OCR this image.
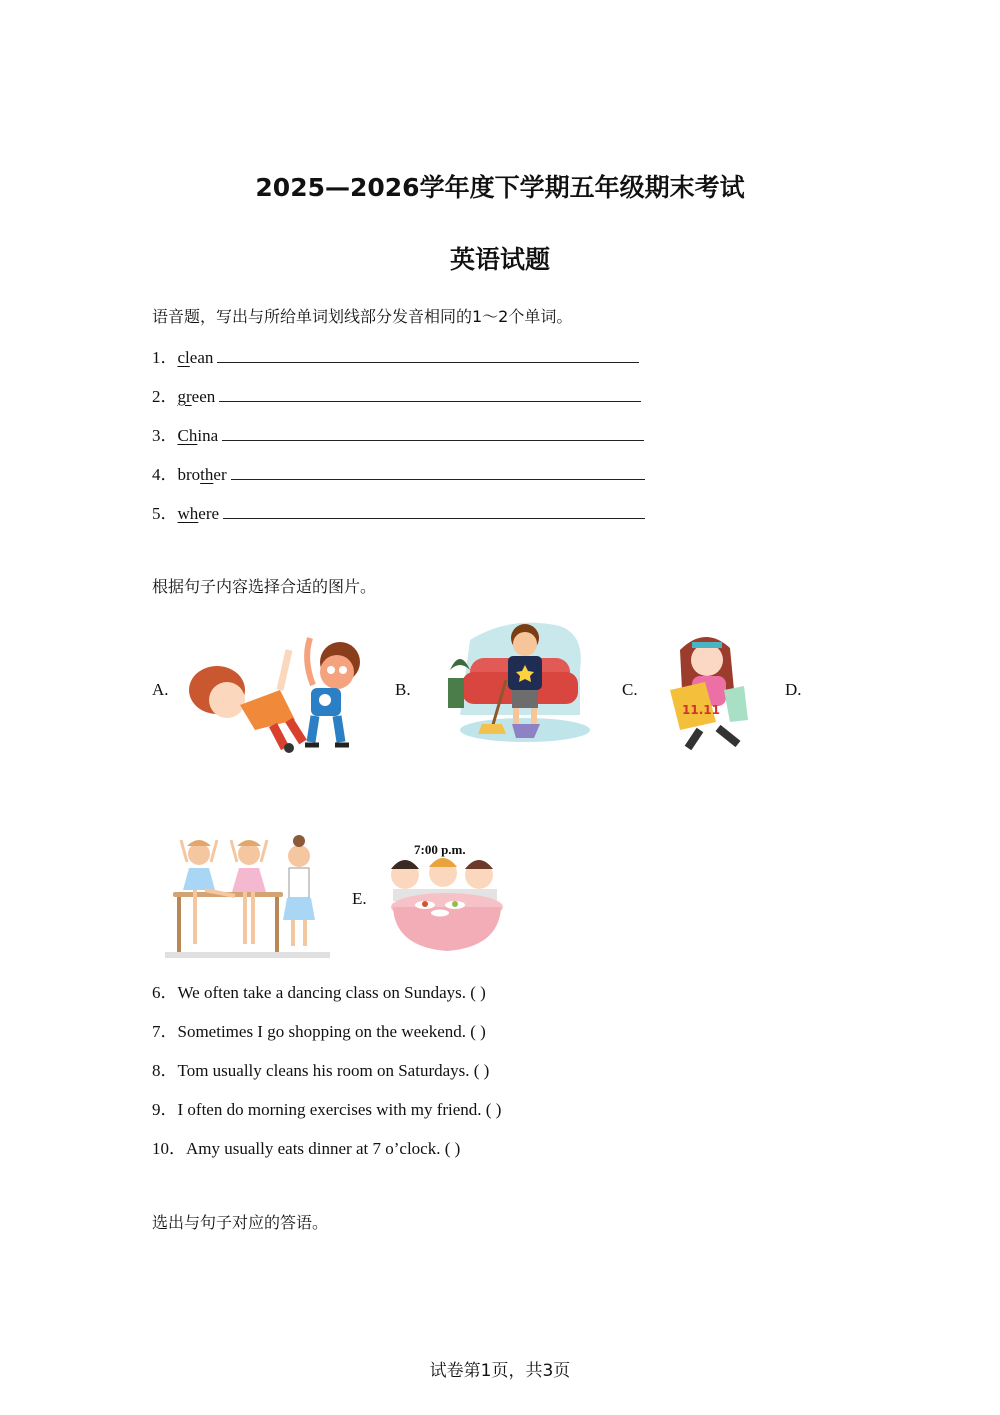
2025—2026学年度下学期五年级期末考试
英语试题
语音题，写出与所给单词划线部分发音相同的1～2个单词。
1．clean
2．green
3．China
4．brother
5．where
根据句子内容选择合适的图片。
A.	B.	C.	D.
E.
11.11
7:00 p.m.
6．We often take a dancing class on Sundays. ( )
7．Sometimes I go shopping on the weekend. ( )
8．Tom usually cleans his room on Saturdays. ( )
9．I often do morning exercises with my friend. ( )
10．Amy usually eats dinner at 7 o’clock. ( )
选出与句子对应的答语。
试卷第1页，共3页
